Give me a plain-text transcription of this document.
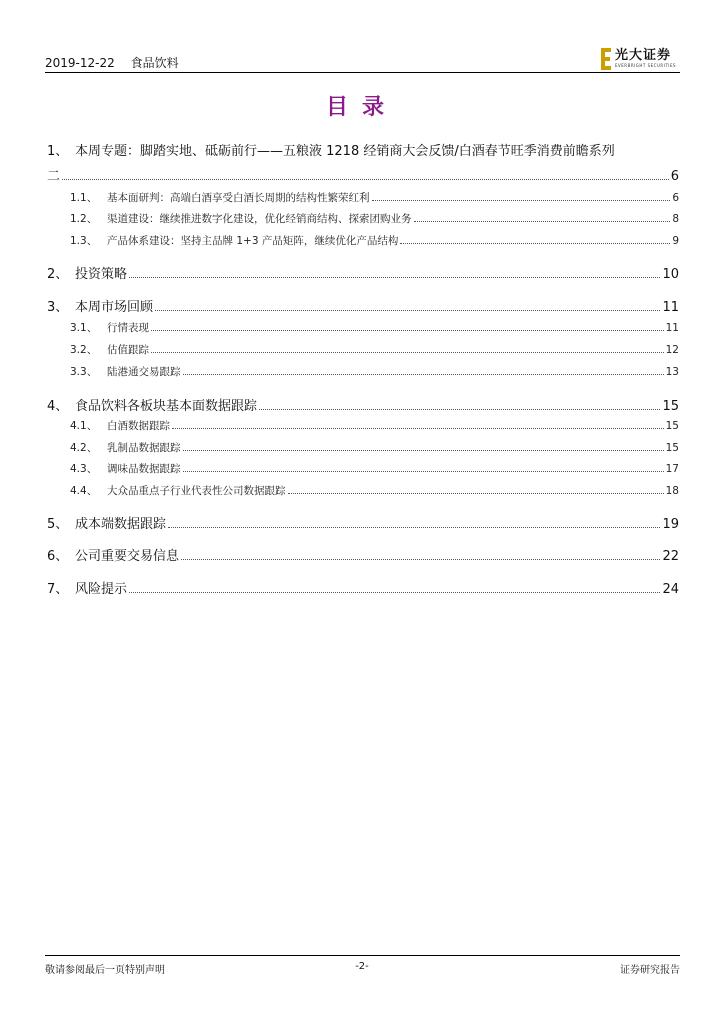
2019-12-22 食品饮料	光大证券
EVERBRIGHT SECURITIES
目录
1、 本周专题：脚踏实地、砥砺前行——五粮液 1218 经销商大会反馈/白酒春节旺季消费前瞻系列
二	6
1.1、 基本面研判：高端白酒享受白酒长周期的结构性繁荣红利	6
1.2、 渠道建设：继续推进数字化建设，优化经销商结构、探索团购业务	8
1.3、 产品体系建设：坚持主品牌 1+3 产品矩阵，继续优化产品结构	9
2、 投资策略	10
3、 本周市场回顾	11
3.1、 行情表现	11
3.2、 估值跟踪	12
3.3、 陆港通交易跟踪	13
4、 食品饮料各板块基本面数据跟踪	15
4.1、 白酒数据跟踪	15
4.2、 乳制品数据跟踪	15
4.3、 调味品数据跟踪	17
4.4、 大众品重点子行业代表性公司数据跟踪	18
5、 成本端数据跟踪	19
6、 公司重要交易信息	22
7、 风险提示	24
敬请参阅最后一页特别声明	-2-	证券研究报告
